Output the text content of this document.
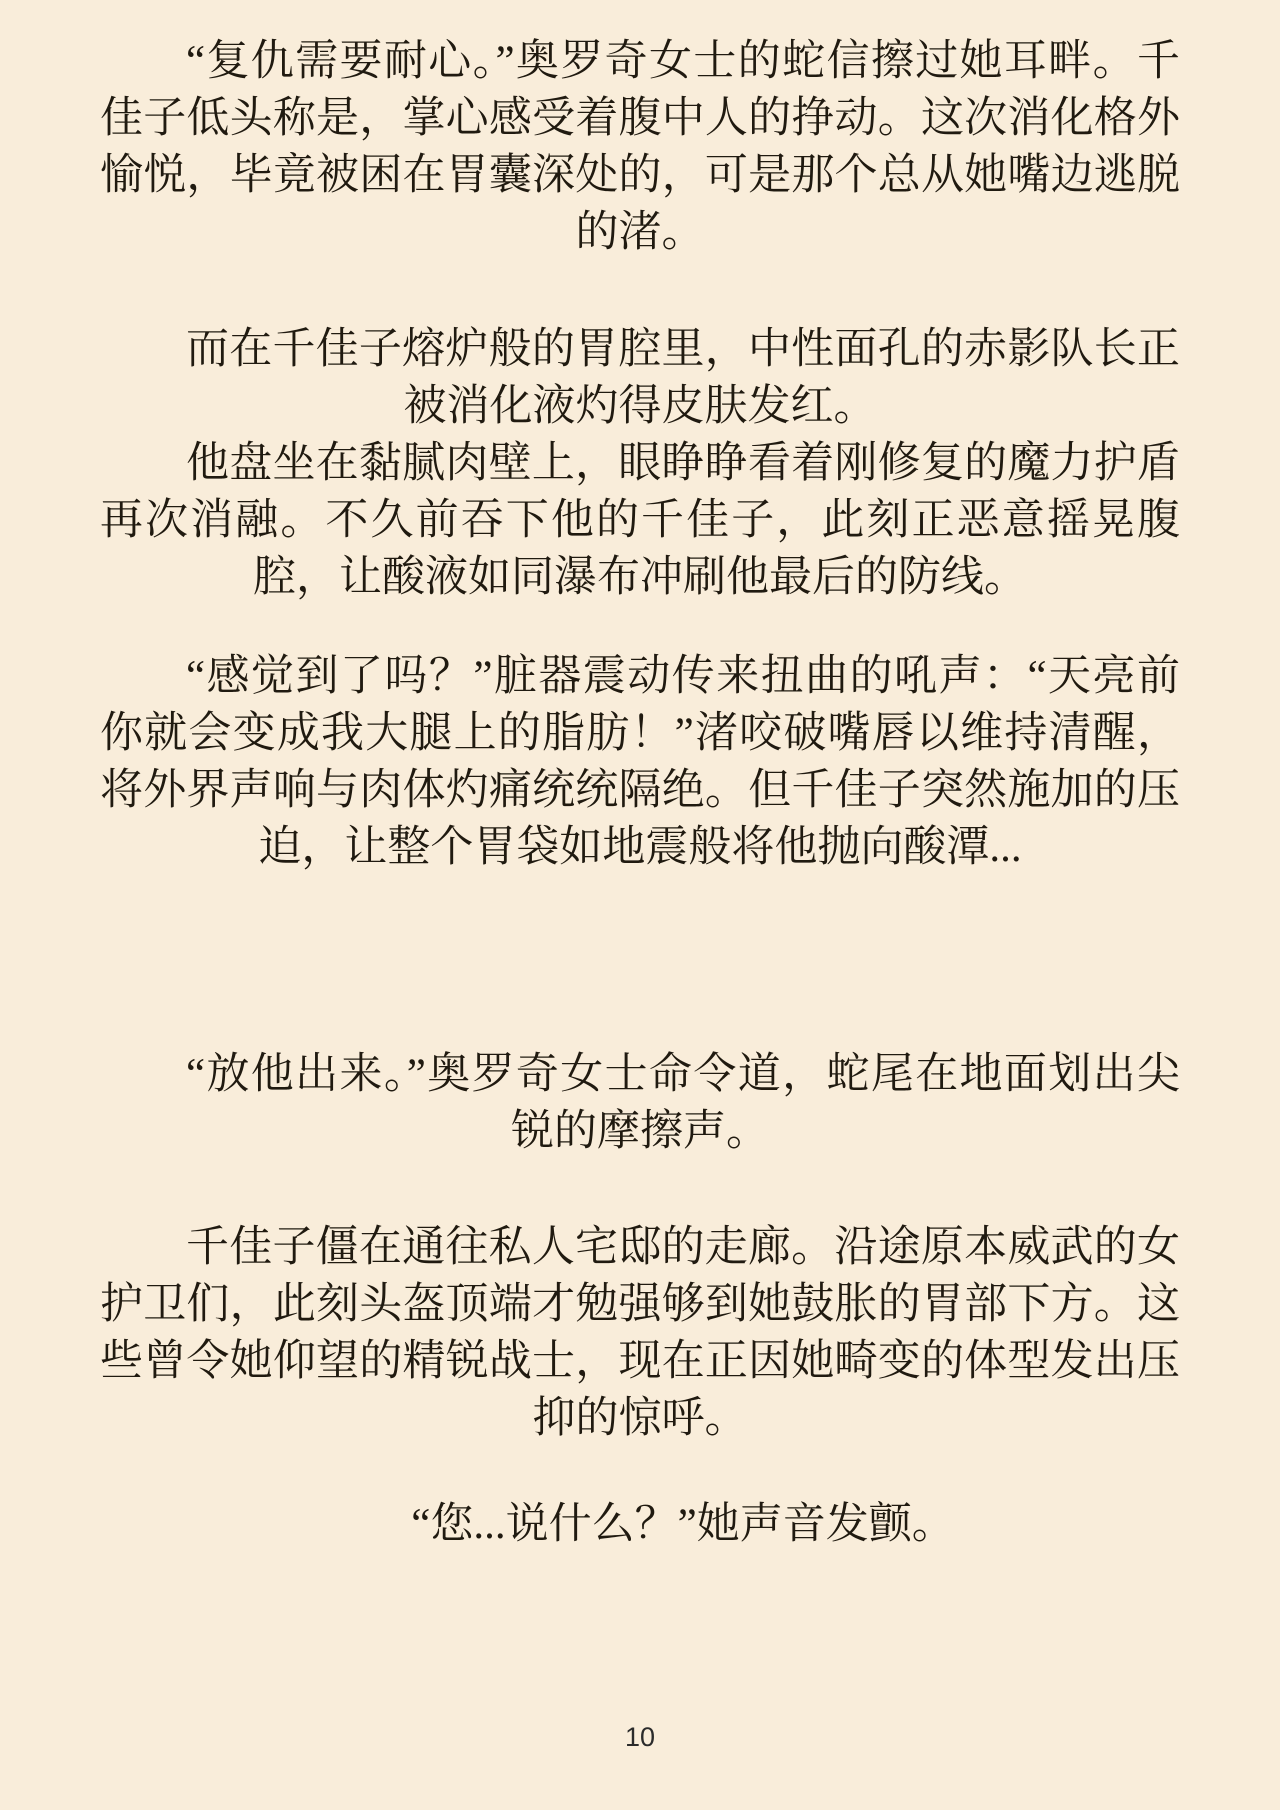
“复仇需要耐心。”奥罗奇女士的蛇信擦过她耳畔。千佳子低头称是，掌心感受着腹中人的挣动。这次消化格外愉悦，毕竟被困在胃囊深处的，可是那个总从她嘴边逃脱的渚。

而在千佳子熔炉般的胃腔里，中性面孔的赤影队长正被消化液灼得皮肤发红。

他盘坐在黏腻肉壁上，眼睁睁看着刚修复的魔力护盾再次消融。不久前吞下他的千佳子，此刻正恶意摇晃腹腔，让酸液如同瀑布冲刷他最后的防线。

“感觉到了吗？”脏器震动传来扭曲的吼声：“天亮前你就会变成我大腿上的脂肪！”渚咬破嘴唇以维持清醒，将外界声响与肉体灼痛统统隔绝。但千佳子突然施加的压迫，让整个胃袋如地震般将他抛向酸潭...

“放他出来。”奥罗奇女士命令道，蛇尾在地面划出尖锐的摩擦声。

千佳子僵在通往私人宅邸的走廊。沿途原本威武的女护卫们，此刻头盔顶端才勉强够到她鼓胀的胃部下方。这些曾令她仰望的精锐战士，现在正因她畸变的体型发出压抑的惊呼。

“您...说什么？”她声音发颤。

10
